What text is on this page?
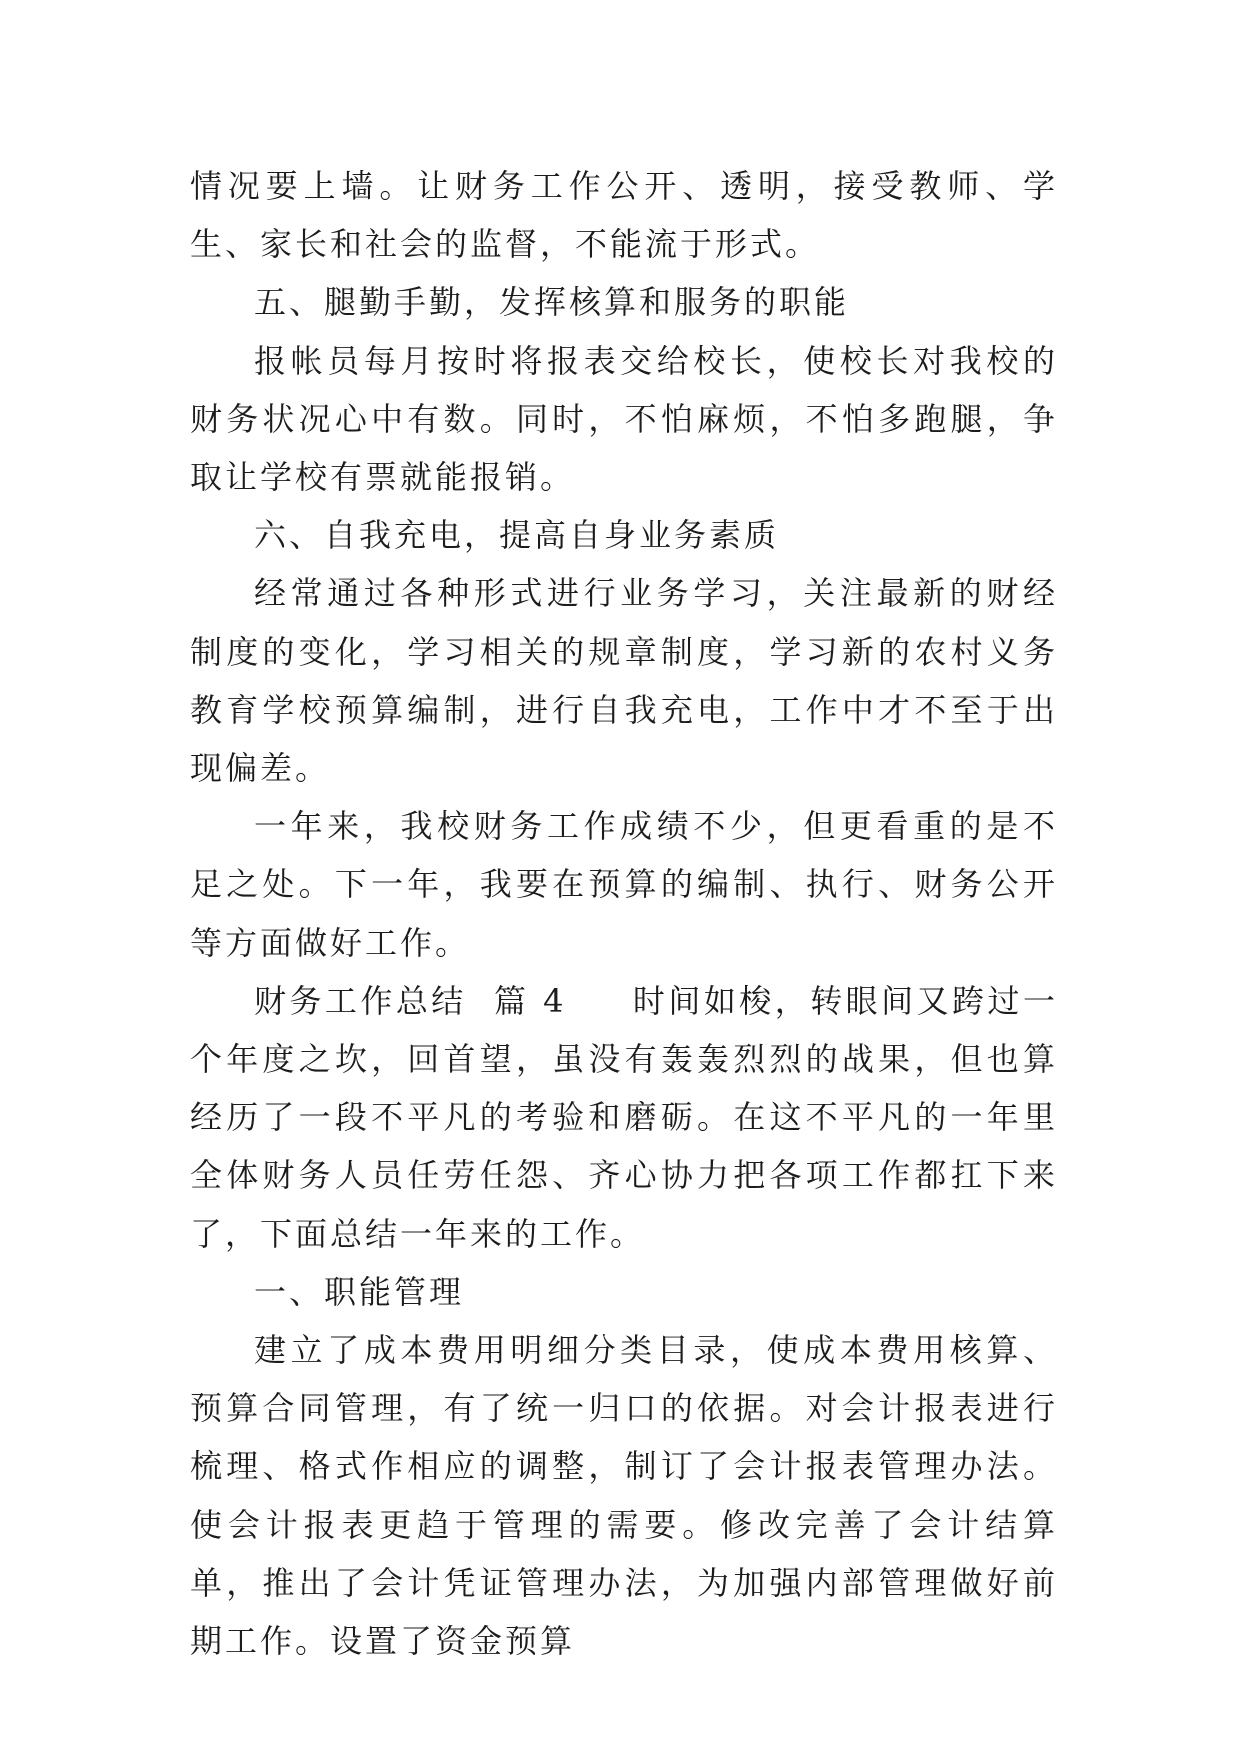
情况要上墙。让财务工作公开、透明，接受教师、学生、家长和社会的监督，不能流于形式。

五、腿勤手勤，发挥核算和服务的职能

报帐员每月按时将报表交给校长，使校长对我校的财务状况心中有数。同时，不怕麻烦，不怕多跑腿，争取让学校有票就能报销。

六、自我充电，提高自身业务素质

经常通过各种形式进行业务学习，关注最新的财经制度的变化，学习相关的规章制度，学习新的农村义务教育学校预算编制，进行自我充电，工作中才不至于出现偏差。

一年来，我校财务工作成绩不少，但更看重的是不足之处。下一年，我要在预算的编制、执行、财务公开等方面做好工作。

财务工作总结  篇 4 时间如梭，转眼间又跨过一个年度之坎，回首望，虽没有轰轰烈烈的战果，但也算经历了一段不平凡的考验和磨砺。在这不平凡的一年里全体财务人员任劳任怨、齐心协力把各项工作都扛下来了，下面总结一年来的工作。

一、职能管理

建立了成本费用明细分类目录，使成本费用核算、预算合同管理，有了统一归口的依据。对会计报表进行梳理、格式作相应的调整，制订了会计报表管理办法。使会计报表更趋于管理的需要。修改完善了会计结算单，推出了会计凭证管理办法，为加强内部管理做好前期工作。设置了资金预算
